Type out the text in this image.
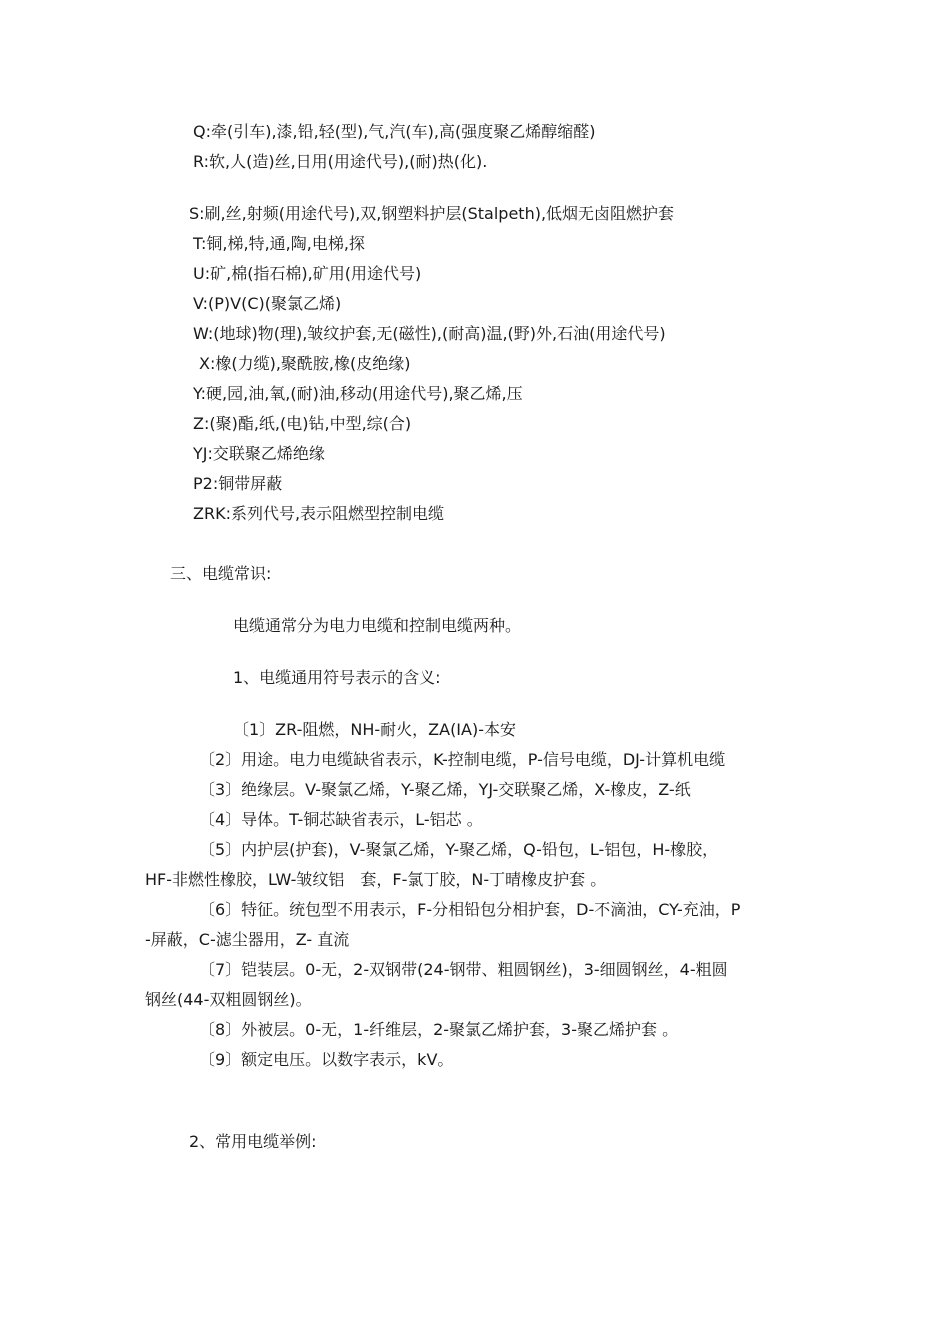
Q:牵(引车),漆,铅,轻(型),气,汽(车),高(强度聚乙烯醇缩醛)
R:软,人(造)丝,日用(用途代号),(耐)热(化).
S:刷,丝,射频(用途代号),双,钢塑料护层(Stalpeth),低烟无卤阻燃护套
T:铜,梯,特,通,陶,电梯,探
U:矿,棉(指石棉),矿用(用途代号)
V:(P)V(C)(聚氯乙烯)
W:(地球)物(理),皱纹护套,无(磁性),(耐高)温,(野)外,石油(用途代号)
X:橡(力缆),聚酰胺,橡(皮绝缘)
Y:硬,园,油,氧,(耐)油,移动(用途代号),聚乙烯,压
Z:(聚)酯,纸,(电)钻,中型,综(合)
YJ:交联聚乙烯绝缘
P2:铜带屏蔽
ZRK:系列代号,表示阻燃型控制电缆
三、电缆常识:
电缆通常分为电力电缆和控制电缆两种。
1、电缆通用符号表示的含义:
〔1〕ZR-阻燃，NH-耐火，ZA(IA)-本安
〔2〕用途。电力电缆缺省表示，K-控制电缆，P-信号电缆，DJ-计算机电缆
〔3〕绝缘层。V-聚氯乙烯，Y-聚乙烯，YJ-交联聚乙烯，X-橡皮，Z-纸
〔4〕导体。T-铜芯缺省表示，L-铝芯 。
〔5〕内护层(护套)，V-聚氯乙烯，Y-聚乙烯，Q-铅包，L-铝包，H-橡胶，
HF-非燃性橡胶，LW-皱纹铝　套，F-氯丁胶，N-丁晴橡皮护套 。
〔6〕特征。统包型不用表示，F-分相铅包分相护套，D-不滴油，CY-充油，P
-屏蔽，C-滤尘器用，Z- 直流
〔7〕铠装层。0-无，2-双钢带(24-钢带、粗圆钢丝)，3-细圆钢丝，4-粗圆
钢丝(44-双粗圆钢丝)。
〔8〕外被层。0-无，1-纤维层，2-聚氯乙烯护套，3-聚乙烯护套 。
〔9〕额定电压。以数字表示，kV。
2、常用电缆举例:
